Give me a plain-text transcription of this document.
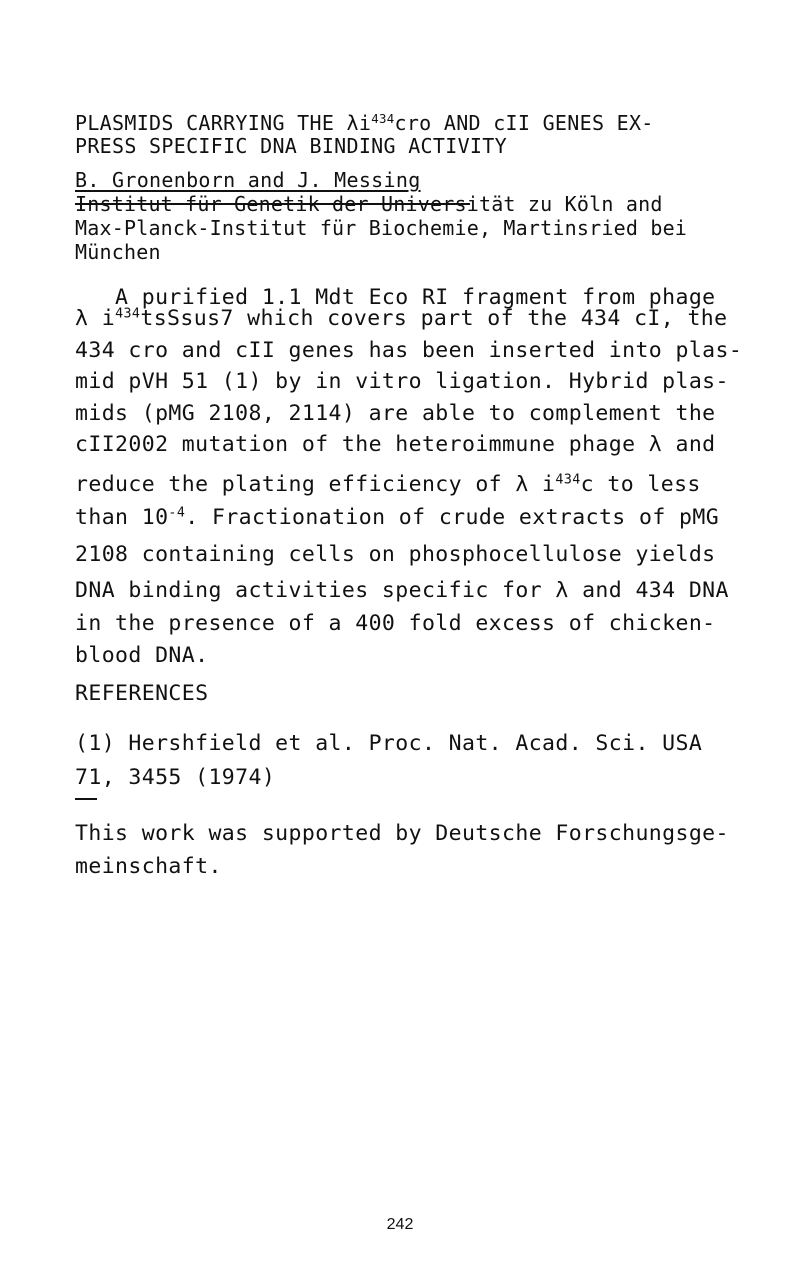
PLASMIDS CARRYING THE $\lambda i^{434}cro$ AND cII GENES EX-
PRESS SPECIFIC DNA BINDING ACTIVITY
B. Gronenborn and J. Messing
Institut für Genetik der Universität zu Köln and
Max-Planck-Institut für Biochemie, Martinsried bei
München
A purified 1.1 Mdt Eco RI fragment from phage
λ $i^{434}tsSsus7$ which covers part of the 434 cI, the
434 cro and cII genes has been inserted into plas-
mid pVH 51 (1) by in vitro ligation. Hybrid plas-
mids (pMG 2108, 2114) are able to complement the
cII2002 mutation of the heteroimmune phage λ and
reduce the plating efficiency of λ $i^{434}c$ to less
than $10^{-4}$. Fractionation of crude extracts of pMG
2108 containing cells on phosphocellulose yields
DNA binding activities specific for λ and 434 DNA
in the presence of a 400 fold excess of chicken-
blood DNA.
REFERENCES
(1) Hershfield et al. Proc. Nat. Acad. Sci. USA
71, 3455 (1974)
This work was supported by Deutsche Forschungsge-
meinschaft.
242
